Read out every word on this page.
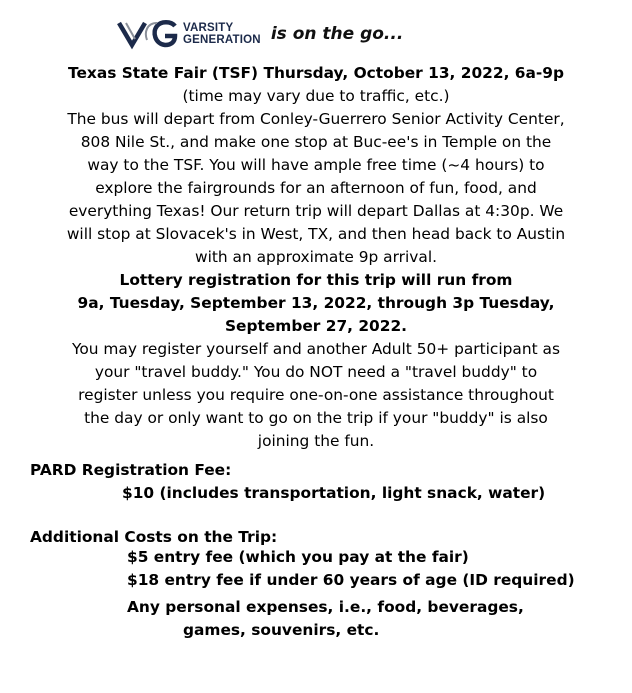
VARSITY
GENERATION is on the go...
Texas State Fair (TSF) Thursday, October 13, 2022, 6a-9p
(time may vary due to traffic, etc.)
The bus will depart from Conley-Guerrero Senior Activity Center,
808 Nile St., and make one stop at Buc-ee's in Temple on the
way to the TSF. You will have ample free time (~4 hours) to
explore the fairgrounds for an afternoon of fun, food, and
everything Texas! Our return trip will depart Dallas at 4:30p. We
will stop at Slovacek's in West, TX, and then head back to Austin
with an approximate 9p arrival.
Lottery registration for this trip will run from
9a, Tuesday, September 13, 2022, through 3p Tuesday,
September 27, 2022.
You may register yourself and another Adult 50+ participant as
your "travel buddy." You do NOT need a "travel buddy" to
register unless you require one-on-one assistance throughout
the day or only want to go on the trip if your "buddy" is also
joining the fun.

PARD Registration Fee:

$10 (includes transportation, light snack, water)

Additional Costs on the Trip:

$5 entry fee (which you pay at the fair)

$18 entry fee if under 60 years of age (ID required)

Any personal expenses, i.e., food, beverages,

games, souvenirs, etc.
